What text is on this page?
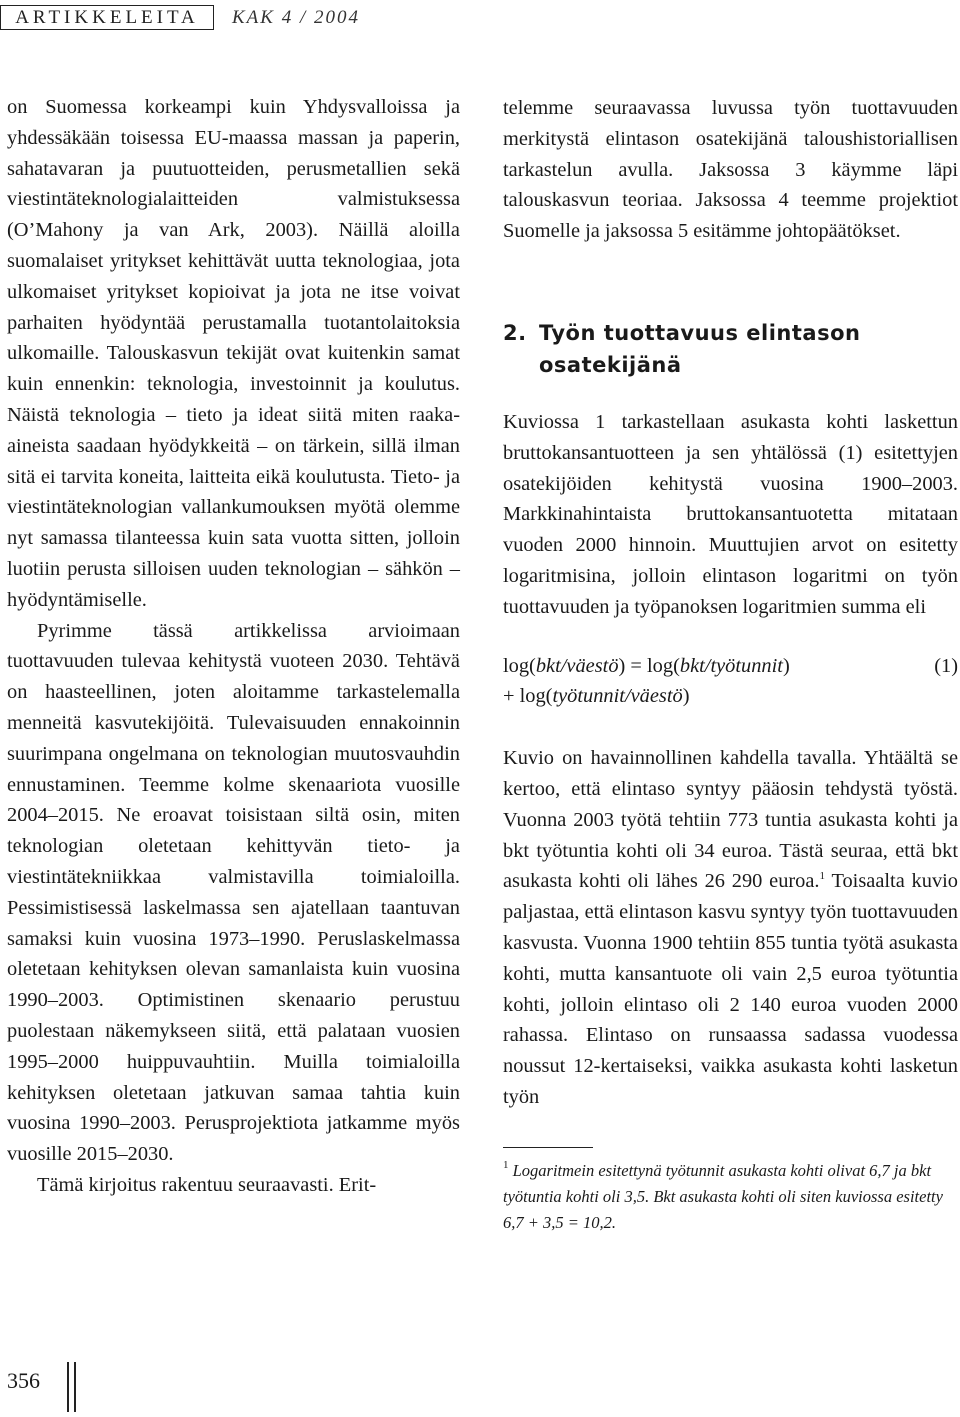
ARTIKKELEITA	KAK 4 / 2004

on Suomessa korkeampi kuin Yhdysvalloissa ja yhdessäkään toisessa EU-maassa massan ja paperin, sahatavaran ja puutuotteiden, perusmetallien sekä viestintäteknologialaitteiden valmistuksessa (O’Mahony ja van Ark, 2003). Näillä aloilla suomalaiset yritykset kehittävät uutta teknologiaa, jota ulkomaiset yritykset kopioivat ja jota ne itse voivat parhaiten hyödyntää perustamalla tuotantolaitoksia ulkomaille. Talouskasvun tekijät ovat kuitenkin samat kuin ennenkin: teknologia, investoinnit ja koulutus. Näistä teknologia – tieto ja ideat siitä miten raaka-aineista saadaan hyödykkeitä – on tärkein, sillä ilman sitä ei tarvita koneita, laitteita eikä koulutusta. Tieto- ja viestintäteknologian vallankumouksen myötä olemme nyt samassa tilanteessa kuin sata vuotta sitten, jolloin luotiin perusta silloisen uuden teknologian – sähkön – hyödyntämiselle.

Pyrimme tässä artikkelissa arvioimaan tuottavuuden tulevaa kehitystä vuoteen 2030. Tehtävä on haasteellinen, joten aloitamme tarkastelemalla menneitä kasvutekijöitä. Tulevaisuuden ennakoinnin suurimpana ongelmana on teknologian muutosvauhdin ennustaminen. Teemme kolme skenaariota vuosille 2004–2015. Ne eroavat toisistaan siltä osin, miten teknologian oletetaan kehittyvän tieto- ja viestintätekniikkaa valmistavilla toimialoilla. Pessimistisessä laskelmassa sen ajatellaan taantuvan samaksi kuin vuosina 1973–1990. Peruslaskelmassa oletetaan kehityksen olevan samanlaista kuin vuosina 1990–2003. Optimistinen skenaario perustuu puolestaan näkemykseen siitä, että palataan vuosien 1995–2000 huippuvauhtiin. Muilla toimialoilla kehityksen oletetaan jatkuvan samaa tahtia kuin vuosina 1990–2003. Perusprojektiota jatkamme myös vuosille 2015–2030.

Tämä kirjoitus rakentuu seuraavasti. Erit-

telemme seuraavassa luvussa työn tuottavuuden merkitystä elintason osatekijänä taloushistoriallisen tarkastelun avulla. Jaksossa 3 käymme läpi talouskasvun teoriaa. Jaksossa 4 teemme projektiot Suomelle ja jaksossa 5 esitämme johtopäätökset.

2. Työn tuottavuus elintason osatekijänä

Kuviossa 1 tarkastellaan asukasta kohti laskettun bruttokansantuotteen ja sen yhtälössä (1) esitettyjen osatekijöiden kehitystä vuosina 1900–2003. Markkinahintaista bruttokansantuotetta mitataan vuoden 2000 hinnoin. Muuttujien arvot on esitetty logaritmisina, jolloin elintason logaritmi on työn tuottavuuden ja työpanoksen logaritmien summa eli

log(bkt/väestö) = log(bkt/työtunnit)	(1)
+ log(työtunnit/väestö)

Kuvio on havainnollinen kahdella tavalla. Yhtäältä se kertoo, että elintaso syntyy pääosin tehdystä työstä. Vuonna 2003 työtä tehtiin 773 tuntia asukasta kohti ja bkt työtuntia kohti oli 34 euroa. Tästä seuraa, että bkt asukasta kohti oli lähes 26 290 euroa.$^1$ Toisaalta kuvio paljastaa, että elintason kasvu syntyy työn tuottavuuden kasvusta. Vuonna 1900 tehtiin 855 tuntia työtä asukasta kohti, mutta kansantuote oli vain 2,5 euroa työtuntia kohti, jolloin elintaso oli 2 140 euroa vuoden 2000 rahassa. Elintaso on runsaassa sadassa vuodessa noussut 12-kertaiseksi, vaikka asukasta kohti lasketun työn

$^1$ Logaritmein esitettynä työtunnit asukasta kohti olivat 6,7 ja bkt työtuntia kohti oli 3,5. Bkt asukasta kohti oli siten kuviossa esitetty 6,7 + 3,5 = 10,2.

356
